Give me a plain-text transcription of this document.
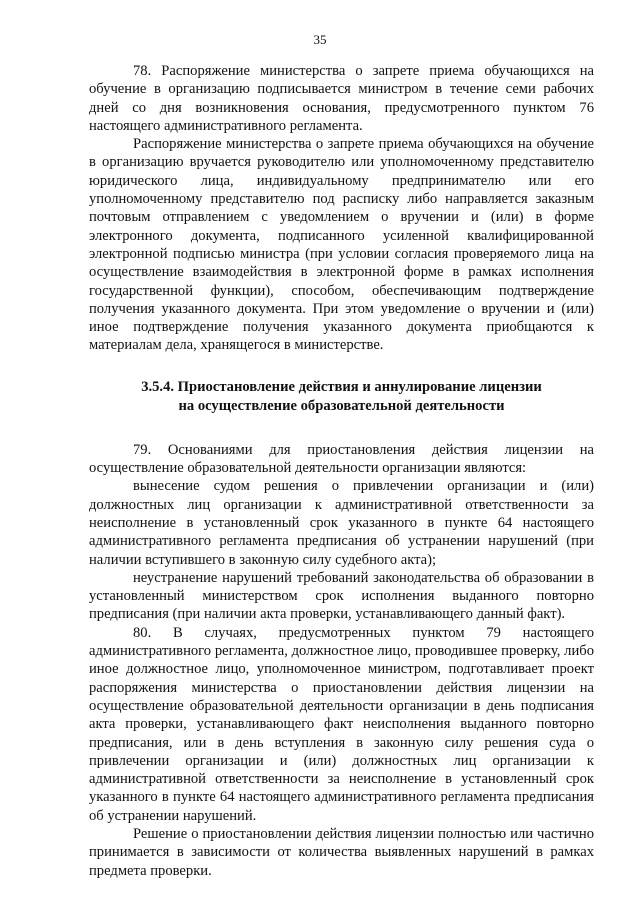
35

78. Распоряжение министерства о запрете приема обучающихся на обучение в организацию подписывается министром в течение семи рабочих дней со дня возникновения основания, предусмотренного пунктом 76 настоящего административного регламента.

Распоряжение министерства о запрете приема обучающихся на обучение в организацию вручается руководителю или уполномоченному представителю юридического лица, индивидуальному предпринимателю или его уполномоченному представителю под расписку либо направляется заказным почтовым отправлением с уведомлением о вручении и (или) в форме электронного документа, подписанного усиленной квалифицированной электронной подписью министра (при условии согласия проверяемого лица на осуществление взаимодействия в электронной форме в рамках исполнения государственной функции), способом, обеспечивающим подтверждение получения указанного документа. При этом уведомление о вручении и (или) иное подтверждение получения указанного документа приобщаются к материалам дела, хранящегося в министерстве.

3.5.4. Приостановление действия и аннулирование лицензии
на осуществление образовательной деятельности

79. Основаниями для приостановления действия лицензии на осуществление образовательной деятельности организации являются:

вынесение судом решения о привлечении организации и (или) должностных лиц организации к административной ответственности за неисполнение в установленный срок указанного в пункте 64 настоящего административного регламента предписания об устранении нарушений (при наличии вступившего в законную силу судебного акта);

неустранение нарушений требований законодательства об образовании в установленный министерством срок исполнения выданного повторно предписания (при наличии акта проверки, устанавливающего данный факт).

80. В случаях, предусмотренных пунктом 79 настоящего административного регламента, должностное лицо, проводившее проверку, либо иное должностное лицо, уполномоченное министром, подготавливает проект распоряжения министерства о приостановлении действия лицензии на осуществление образовательной деятельности организации в день подписания акта проверки, устанавливающего факт неисполнения выданного повторно предписания, или в день вступления в законную силу решения суда о привлечении организации и (или) должностных лиц организации к административной ответственности за неисполнение в установленный срок указанного в пункте 64 настоящего административного регламента предписания об устранении нарушений.

Решение о приостановлении действия лицензии полностью или частично принимается в зависимости от количества выявленных нарушений в рамках предмета проверки.
